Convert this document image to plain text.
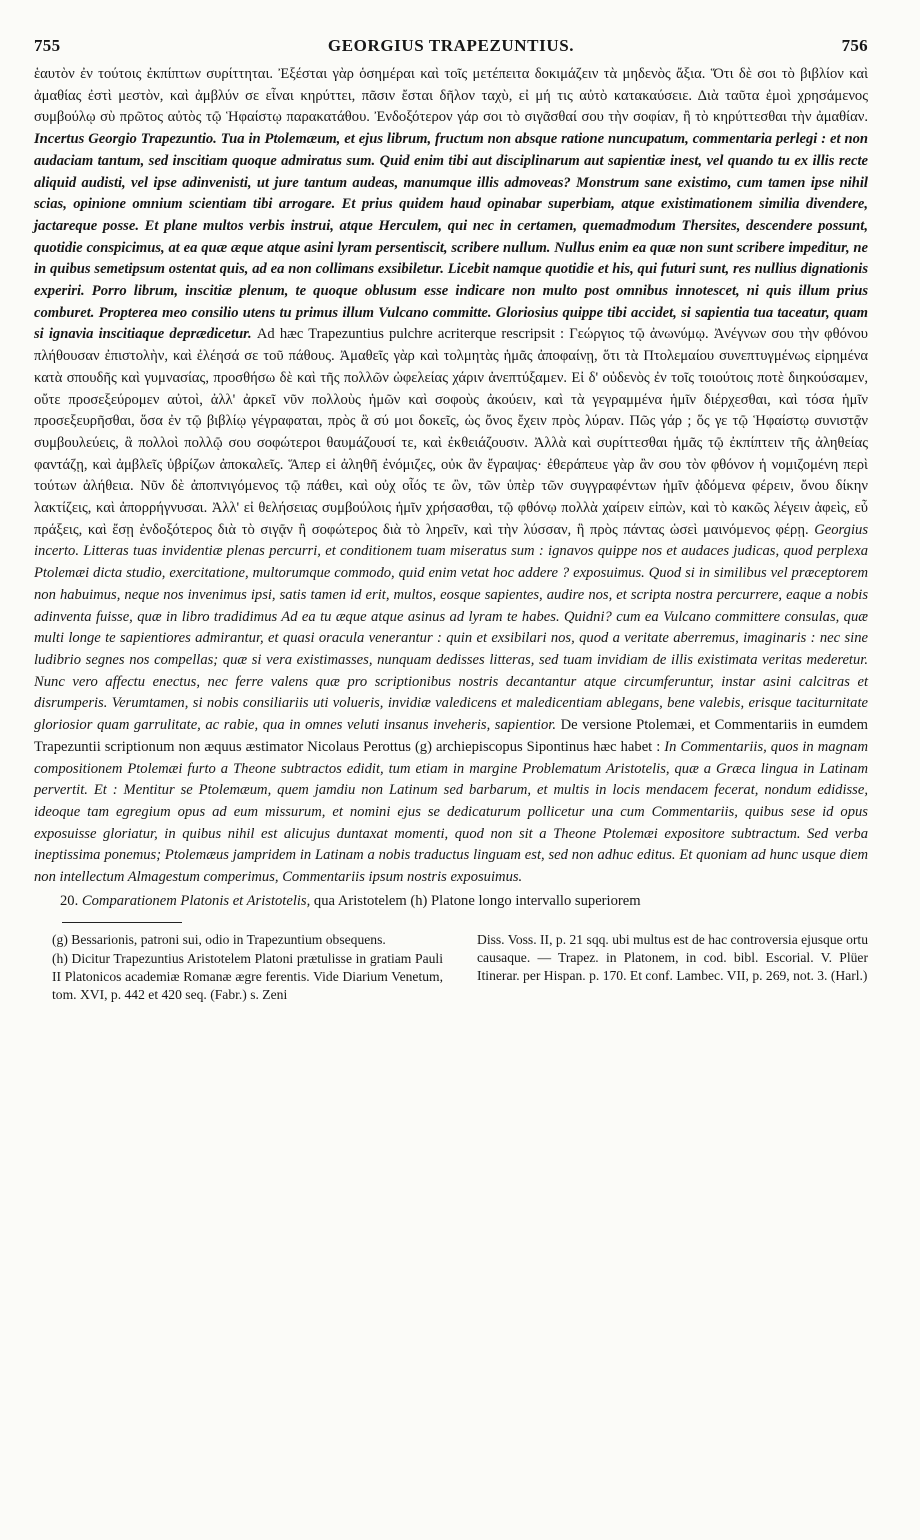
755	GEORGIUS TRAPEZUNTIUS.	756

ἑαυτὸν ἐν τούτοις ἐκπίπτων συρίττηται. Ἐξέσται γὰρ ὁσημέραι καὶ τοῖς μετέπειτα δοκιμάζειν τὰ μηδενὸς ἄξια. Ὅτι δὲ σοι τὸ βιβλίον καὶ ἀμαθίας ἐστὶ μεστὸν, καὶ ἀμβλύν σε εἶναι κηρύττει, πᾶσιν ἔσται δῆλον ταχὺ, εἰ μή τις αὐτὸ κατακαύσειε. Διὰ ταῦτα ἐμοὶ χρησάμενος συμβούλῳ σὺ πρῶτος αὐτὸς τῷ Ἡφαίστῳ παρακατάθου. Ἐνδοξότερον γάρ σοι τὸ σιγᾶσθαί σου τὴν σοφίαν, ἢ τὸ κηρύττεσθαι τὴν ἀμαθίαν. Incertus Georgio Trapezuntio. Tua in Ptolemæum, et ejus librum, fructum non absque ratione nuncupatum, commentaria perlegi : et non audaciam tantum, sed inscitiam quoque admiratus sum. Quid enim tibi aut disciplinarum aut sapientiæ inest, vel quando tu ex illis recte aliquid audisti, vel ipse adinvenisti, ut jure tantum audeas, manumque illis admoveas? Monstrum sane existimo, cum tamen ipse nihil scias, opinione omnium scientiam tibi arrogare. Et prius quidem haud opinabar superbiam, atque existimationem similia divendere, jactareque posse. Et plane multos verbis instrui, atque Herculem, qui nec in certamen, quemadmodum Thersites, descendere possunt, quotidie conspicimus, at ea quæ æque atque asini lyram persentiscit, scribere nullum. Nullus enim ea quæ non sunt scribere impeditur, ne in quibus semetipsum ostentat quis, ad ea non collimans exsibiletur. Licebit namque quotidie et his, qui futuri sunt, res nullius dignationis experiri. Porro librum, inscitiæ plenum, te quoque oblusum esse indicare non multo post omnibus innotescet, ni quis illum prius comburet. Propterea meo consilio utens tu primus illum Vulcano committe. Gloriosius quippe tibi accidet, si sapientia tua taceatur, quam si ignavia inscitiaque deprædicetur. Ad hæc Trapezuntius pulchre acriterque rescripsit : Γεώργιος τῷ ἀνωνύμῳ. Ἀνέγνων σου τὴν φθόνου πλήθουσαν ἐπιστολὴν, καὶ ἐλέησά σε τοῦ πάθους. Ἀμαθεῖς γὰρ καὶ τολμητὰς ἡμᾶς ἀποφαίνῃ, ὅτι τὰ Πτολεμαίου συνεπτυγμένως εἰρημένα κατὰ σπουδῆς καὶ γυμνασίας, προσθήσω δὲ καὶ τῆς πολλῶν ὠφελείας χάριν ἀνεπτύξαμεν. Εἰ δ' οὐδενὸς ἐν τοῖς τοιούτοις ποτὲ διηκούσαμεν, οὔτε προσεξεύρομεν αὐτοὶ, ἀλλ' ἀρκεῖ νῦν πολλοὺς ἡμῶν καὶ σοφοὺς ἀκούειν, καὶ τὰ γεγραμμένα ἡμῖν διέρχεσθαι, καὶ τόσα ἡμῖν προσεξευρῆσθαι, ὅσα ἐν τῷ βιβλίῳ γέγραφαται, πρὸς ἃ σύ μοι δοκεῖς, ὡς ὄνος ἔχειν πρὸς λύραν. Πῶς γάρ ; ὅς γε τῷ Ἡφαίστῳ συνιστᾷν συμβουλεύεις, ἃ πολλοὶ πολλῷ σου σοφώτεροι θαυμάζουσί τε, καὶ ἐκθειάζουσιν. Ἀλλὰ καὶ συρίττεσθαι ἡμᾶς τῷ ἐκπίπτειν τῆς ἀληθείας φαντάζῃ, καὶ ἀμβλεῖς ὑβρίζων ἀποκαλεῖς. Ἅπερ εἰ ἀληθῆ ἐνόμιζες, οὐκ ἂν ἔγραψας· ἐθεράπευε γὰρ ἂν σου τὸν φθόνον ἡ νομιζομένη περὶ τούτων ἀλήθεια. Νῦν δὲ ἀποπνιγόμενος τῷ πάθει, καὶ οὐχ οἷός τε ὢν, τῶν ὑπὲρ τῶν συγγραφέντων ἡμῖν ᾀδόμενα φέρειν, ὄνου δίκην λακτίζεις, καὶ ἀπορρήγνυσαι. Ἀλλ' εἰ θελήσειας συμβούλοις ἡμῖν χρήσασθαι, τῷ φθόνῳ πολλὰ χαίρειν εἰπὼν, καὶ τὸ κακῶς λέγειν ἀφεὶς, εὖ πράξεις, καὶ ἔσῃ ἐνδοξότερος διὰ τὸ σιγᾷν ἢ σοφώτερος διὰ τὸ ληρεῖν, καὶ τὴν λύσσαν, ἣ πρὸς πάντας ὡσεὶ μαινόμενος φέρῃ. Georgius incerto. Litteras tuas invidentiæ plenas percurri, et conditionem tuam miseratus sum : ignavos quippe nos et audaces judicas, quod perplexa Ptolemæi dicta studio, exercitatione, multorumque commodo, quid enim vetat hoc addere ? exposuimus. Quod si in similibus vel præceptorem non habuimus, neque nos invenimus ipsi, satis tamen id erit, multos, eosque sapientes, audire nos, et scripta nostra percurrere, eaque a nobis adinventa fuisse, quæ in libro tradidimus Ad ea tu æque atque asinus ad lyram te habes. Quidni? cum ea Vulcano committere consulas, quæ multi longe te sapientiores admirantur, et quasi oracula venerantur : quin et exsibilari nos, quod a veritate aberremus, imaginaris : nec sine ludibrio segnes nos compellas; quæ si vera existimasses, nunquam dedisses litteras, sed tuam invidiam de illis existimata veritas mederetur. Nunc vero affectu enectus, nec ferre valens quæ pro scriptionibus nostris decantantur atque circumferuntur, instar asini calcitras et disrumperis. Verumtamen, si nobis consiliariis uti volueris, invidiæ valedicens et maledicentiam ablegans, bene valebis, erisque taciturnitate gloriosior quam garrulitate, ac rabie, qua in omnes veluti insanus inveheris, sapientior. De versione Ptolemæi, et Commentariis in eumdem Trapezuntii scriptionum non æquus æstimator Nicolaus Perottus (g) archiepiscopus Sipontinus hæc habet : In Commentariis, quos in magnam compositionem Ptolemæi furto a Theone subtractos edidit, tum etiam in margine Problematum Aristotelis, quæ a Græca lingua in Latinam pervertit. Et : Mentitur se Ptolemæum, quem jamdiu non Latinum sed barbarum, et multis in locis mendacem fecerat, nondum edidisse, ideoque tam egregium opus ad eum missurum, et nomini ejus se dedicaturum pollicetur una cum Commentariis, quibus sese id opus exposuisse gloriatur, in quibus nihil est alicujus duntaxat momenti, quod non sit a Theone Ptolemæi expositore subtractum. Sed verba ineptissima ponemus; Ptolemæus jampridem in Latinam a nobis traductus linguam est, sed non adhuc editus. Et quoniam ad hunc usque diem non intellectum Almagestum comperimus, Commentariis ipsum nostris exposuimus.

20. Comparationem Platonis et Aristotelis, qua Aristotelem (h) Platone longo intervallo superiorem

(g) Bessarionis, patroni sui, odio in Trapezuntium obsequens.

(h) Dicitur Trapezuntius Aristotelem Platoni prætulisse in gratiam Pauli II Platonicos academiæ Romanæ ægre ferentis. Vide Diarium Venetum, tom. XVI, p. 442 et 420 seq. (Fabr.) s. Zeni

Diss. Voss. II, p. 21 sqq. ubi multus est de hac controversia ejusque ortu causaque. — Trapez. in Platonem, in cod. bibl. Escorial. V. Plüer Itinerar. per Hispan. p. 170. Et conf. Lambec. VII, p. 269, not. 3. (Harl.)
